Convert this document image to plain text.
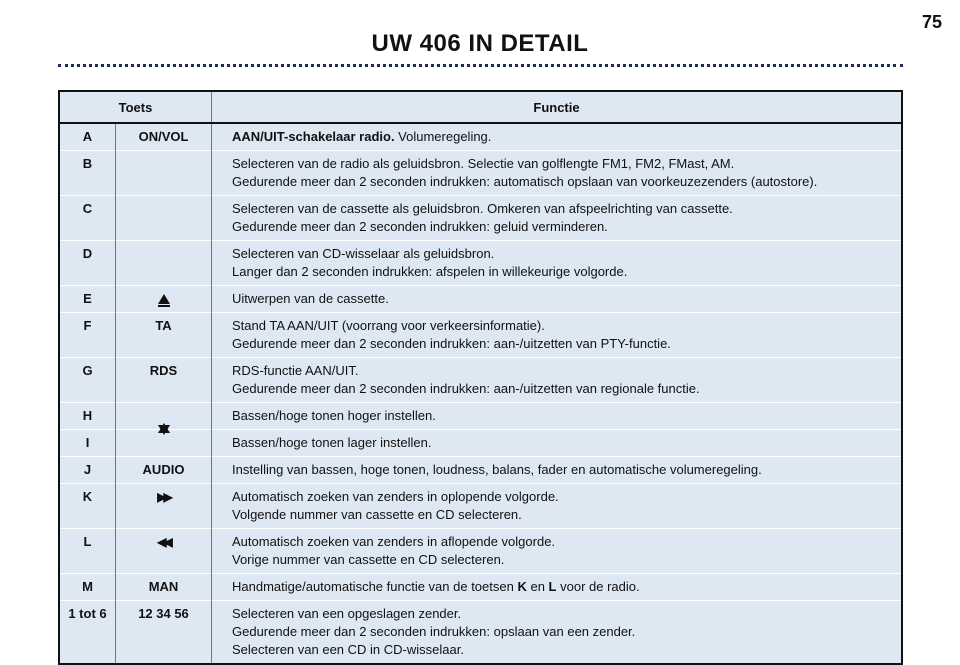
75
UW 406 IN DETAIL
Toets		Functie
A	ON/VOL	AAN/UIT-schakelaar radio. Volumeregeling.

B		Selecteren van de radio als geluidsbron. Selectie van golflengte FM1, FM2, FMast, AM.
Gedurende meer dan 2 seconden indrukken: automatisch opslaan van voorkeuzezenders (autostore).

C		Selecteren van de cassette als geluidsbron. Omkeren van afspeelrichting van cassette.
Gedurende meer dan 2 seconden indrukken: geluid verminderen.

D		Selecteren van CD-wisselaar als geluidsbron.
Langer dan 2 seconden indrukken: afspelen in willekeurige volgorde.

E		Uitwerpen van de cassette.

F	TA	Stand TA AAN/UIT (voorrang voor verkeersinformatie).
Gedurende meer dan 2 seconden indrukken: aan-/uitzetten van PTY-functie.

G	RDS	RDS-functie AAN/UIT.
Gedurende meer dan 2 seconden indrukken: aan-/uitzetten van regionale functie.

H		Bassen/hoge tonen hoger instellen.

I		Bassen/hoge tonen lager instellen.

J	AUDIO	Instelling van bassen, hoge tonen, loudness, balans, fader en automatische volumeregeling.

K	▶▶	Automatisch zoeken van zenders in oplopende volgorde.
Volgende nummer van cassette en CD selecteren.

L	◀◀	Automatisch zoeken van zenders in aflopende volgorde.
Vorige nummer van cassette en CD selecteren.

M	MAN	Handmatige/automatische functie van de toetsen K en L voor de radio.

1 tot 6	12 34 56	Selecteren van een opgeslagen zender.
Gedurende meer dan 2 seconden indrukken: opslaan van een zender.
Selecteren van een CD in CD-wisselaar.
